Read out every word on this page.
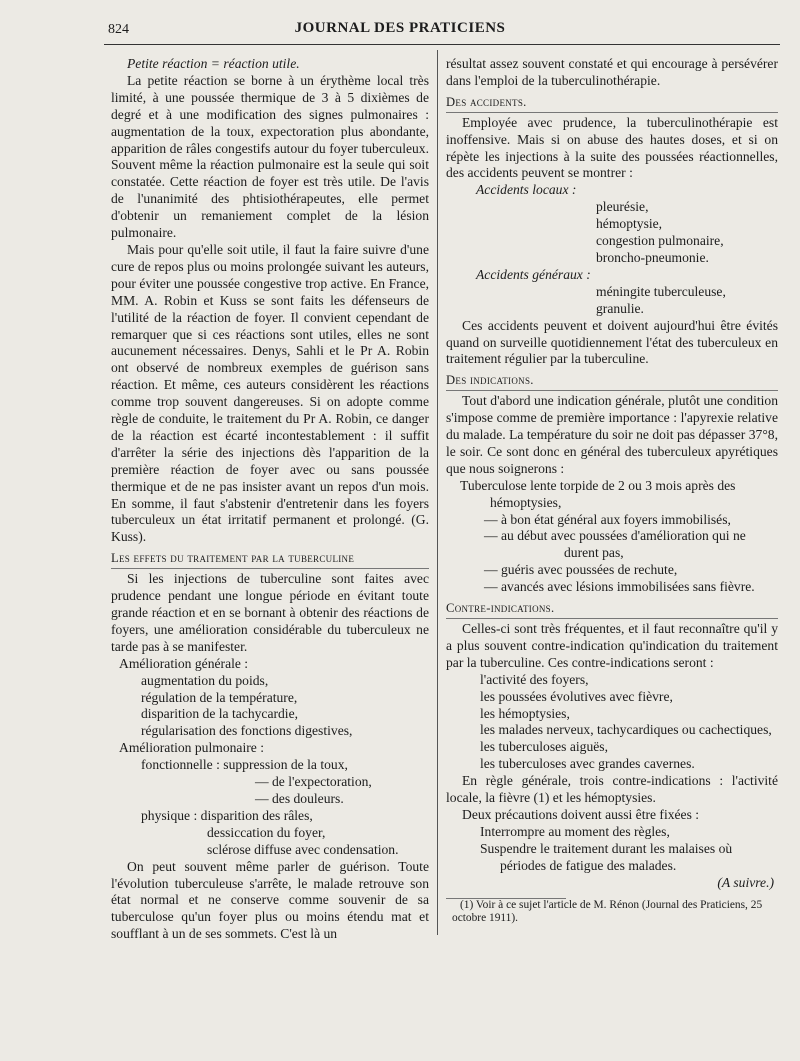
824	JOURNAL DES PRATICIENS

Petite réaction = réaction utile.

La petite réaction se borne à un érythème local très limité, à une poussée thermique de 3 à 5 dixièmes de degré et à une modification des signes pulmonaires : augmentation de la toux, expectoration plus abondante, apparition de râles congestifs autour du foyer tuberculeux. Souvent même la réaction pulmonaire est la seule qui soit constatée. Cette réaction de foyer est très utile. De l'avis de l'unanimité des phtisiothérapeutes, elle permet d'obtenir un remaniement complet de la lésion pulmonaire.

Mais pour qu'elle soit utile, il faut la faire suivre d'une cure de repos plus ou moins prolongée suivant les auteurs, pour éviter une poussée congestive trop active. En France, MM. A. Robin et Kuss se sont faits les défenseurs de l'utilité de la réaction de foyer. Il convient cependant de remarquer que si ces réactions sont utiles, elles ne sont aucunement nécessaires. Denys, Sahli et le Pr A. Robin ont observé de nombreux exemples de guérison sans réaction. Et même, ces auteurs considèrent les réactions comme trop souvent dangereuses. Si on adopte comme règle de conduite, le traitement du Pr A. Robin, ce danger de la réaction est écarté incontestablement : il suffit d'arrêter la série des injections dès l'apparition de la première réaction de foyer avec ou sans poussée thermique et de ne pas insister avant un repos d'un mois. En somme, il faut s'abstenir d'entretenir dans les foyers tuberculeux un état irritatif permanent et prolongé. (G. Kuss).

Les effets du traitement par la tuberculine

Si les injections de tuberculine sont faites avec prudence pendant une longue période en évitant toute grande réaction et en se bornant à obtenir des réactions de foyers, une amélioration considérable du tuberculeux ne tarde pas à se manifester.

Amélioration générale :
augmentation du poids,
régulation de la température,
disparition de la tachycardie,
régularisation des fonctions digestives,
Amélioration pulmonaire :
fonctionnelle : suppression de la toux,
— de l'expectoration,
— des douleurs.
physique : disparition des râles,
dessiccation du foyer,
sclérose diffuse avec condensation.

On peut souvent même parler de guérison. Toute l'évolution tuberculeuse s'arrête, le malade retrouve son état normal et ne conserve comme souvenir de sa tuberculose qu'un foyer plus ou moins étendu mat et soufflant à un de ses sommets. C'est là un

résultat assez souvent constaté et qui encourage à persévérer dans l'emploi de la tuberculinothérapie.

Des accidents.

Employée avec prudence, la tuberculinothérapie est inoffensive. Mais si on abuse des hautes doses, et si on répète les injections à la suite des poussées réactionnelles, des accidents peuvent se montrer :

Accidents locaux :
pleurésie,
hémoptysie,
congestion pulmonaire,
broncho-pneumonie.
Accidents généraux :
méningite tuberculeuse,
granulie.

Ces accidents peuvent et doivent aujourd'hui être évités quand on surveille quotidiennement l'état des tuberculeux en traitement régulier par la tuberculine.

Des indications.

Tout d'abord une indication générale, plutôt une condition s'impose comme de première importance : l'apyrexie relative du malade. La température du soir ne doit pas dépasser 37°8, le soir. Ce sont donc en général des tuberculeux apyrétiques que nous soignerons :

Tuberculose lente torpide de 2 ou 3 mois après des hémoptysies,
— à bon état général aux foyers immobilisés,
— au début avec poussées d'amélioration qui ne durent pas,
— guéris avec poussées de rechute,
— avancés avec lésions immobilisées sans fièvre.
Contre-indications.

Celles-ci sont très fréquentes, et il faut reconnaître qu'il y a plus souvent contre-indication qu'indication du traitement par la tuberculine. Ces contre-indications seront :

l'activité des foyers,
les poussées évolutives avec fièvre,
les hémoptysies,
les malades nerveux, tachycardiques ou cachectiques,
les tuberculoses aiguës,
les tuberculoses avec grandes cavernes.

En règle générale, trois contre-indications : l'activité locale, la fièvre (1) et les hémoptysies.

Deux précautions doivent aussi être fixées :

Interrompre au moment des règles,
Suspendre le traitement durant les malaises où périodes de fatigue des malades.
(A suivre.)
(1) Voir à ce sujet l'article de M. Rénon (Journal des Praticiens, 25 octobre 1911).
